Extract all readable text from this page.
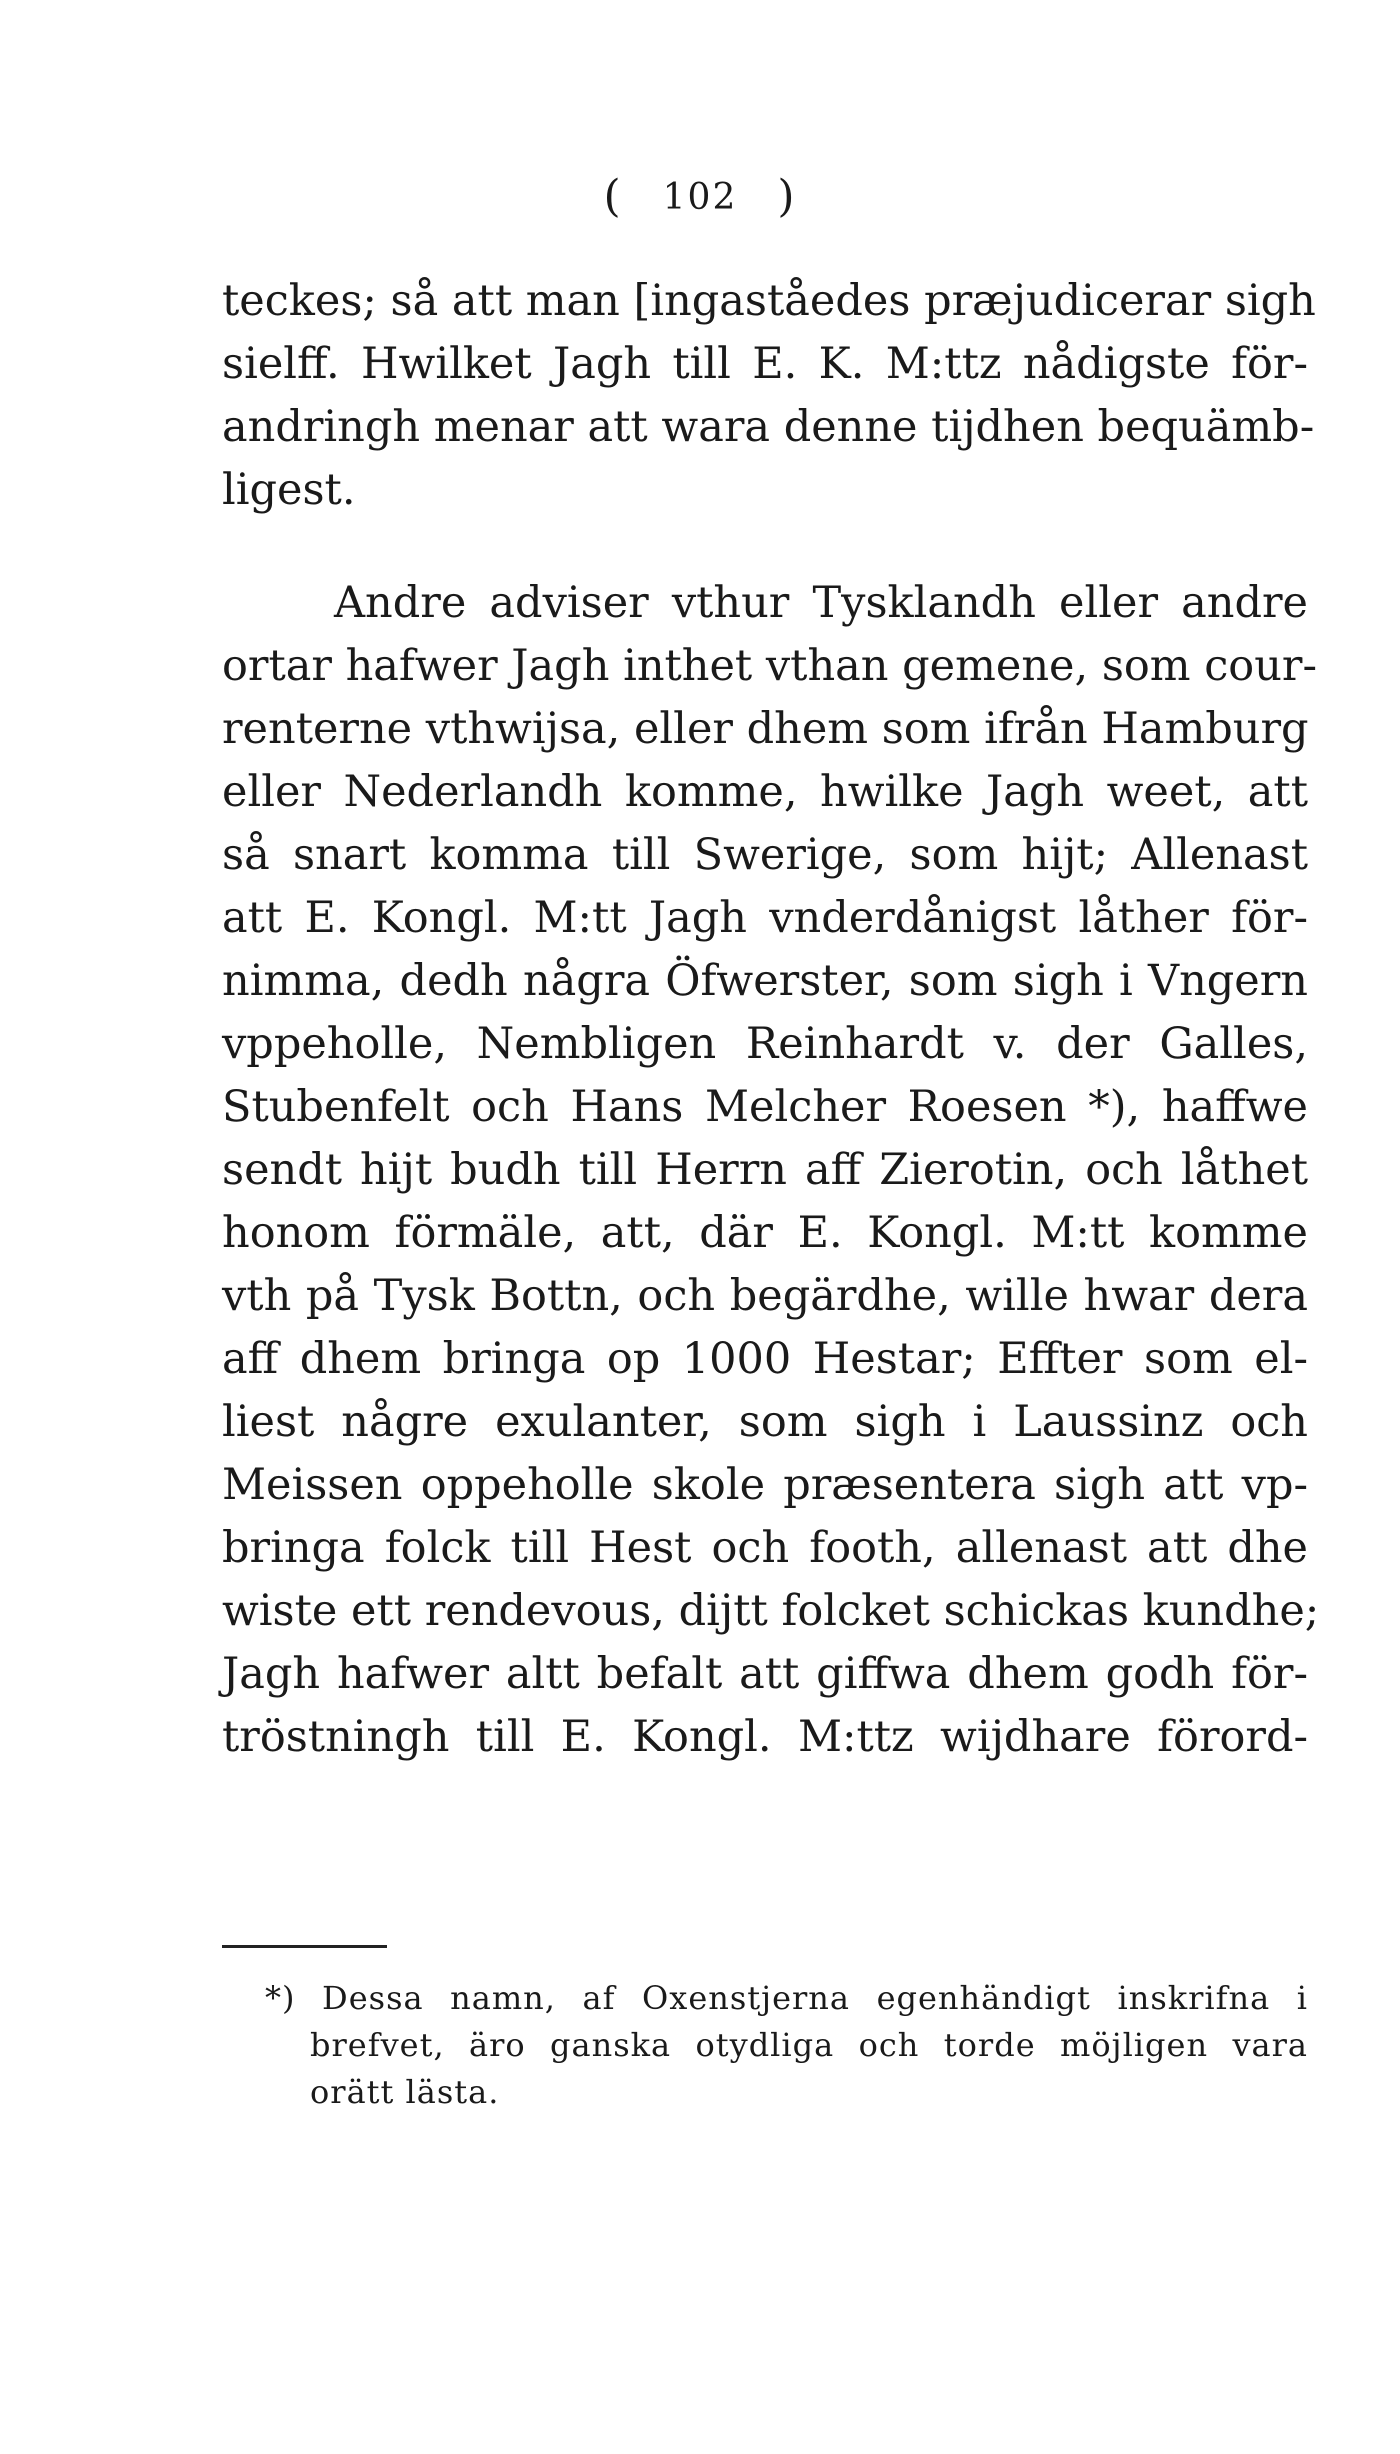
( 102 )
teckes; så att man [ingaståedes præjudicerar sigh
sielff. Hwilket Jagh till E. K. M:ttz nådigste för-
andringh menar att wara denne tijdhen bequämb-
ligest.
Andre adviser vthur Tysklandh eller andre
ortar hafwer Jagh inthet vthan gemene, som cour-
renterne vthwijsa, eller dhem som ifrån Hamburg
eller Nederlandh komme, hwilke Jagh weet, att
så snart komma till Swerige, som hijt; Allenast
att E. Kongl. M:tt Jagh vnderdånigst låther för-
nimma, dedh några Öfwerster, som sigh i Vngern
vppeholle, Nembligen Reinhardt v. der Galles,
Stubenfelt och Hans Melcher Roesen *), haffwe
sendt hijt budh till Herrn aff Zierotin, och låthet
honom förmäle, att, där E. Kongl. M:tt komme
vth på Tysk Bottn, och begärdhe, wille hwar dera
aff dhem bringa op 1000 Hestar; Effter som el-
liest någre exulanter, som sigh i Laussinz och
Meissen oppeholle skole præsentera sigh att vp-
bringa folck till Hest och footh, allenast att dhe
wiste ett rendevous, dijtt folcket schickas kundhe;
Jagh hafwer altt befalt att giffwa dhem godh för-
tröstningh till E. Kongl. M:ttz wijdhare förord-
*) Dessa namn, af Oxenstjerna egenhändigt inskrifna i
brefvet, äro ganska otydliga och torde möjligen vara
orätt lästa.
